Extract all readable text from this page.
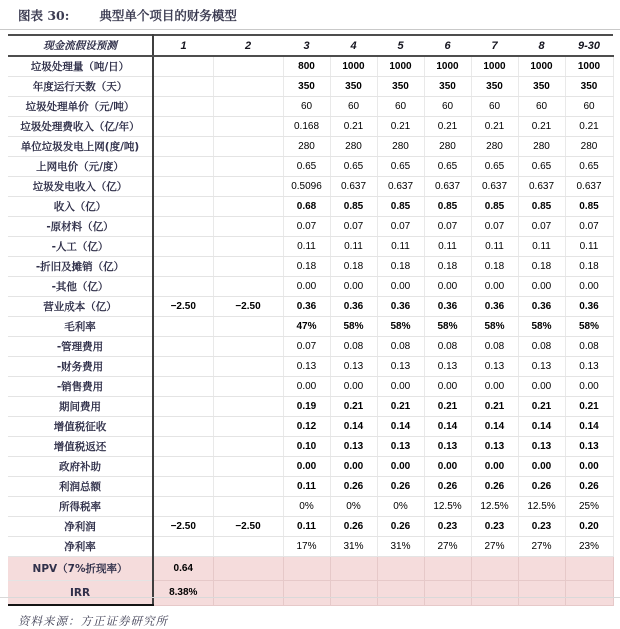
图表 30: 典型单个项目的财务模型
现金流假设预测	1	2	3	4	5	6	7	8	9-30
垃圾处理量（吨/日）			800	1000	1000	1000	1000	1000	1000
年度运行天数（天）			350	350	350	350	350	350	350
垃圾处理单价（元/吨）			60	60	60	60	60	60	60
垃圾处理费收入（亿/年）			0.168	0.21	0.21	0.21	0.21	0.21	0.21
单位垃圾发电上网(度/吨)			280	280	280	280	280	280	280
上网电价（元/度）			0.65	0.65	0.65	0.65	0.65	0.65	0.65
垃圾发电收入（亿）			0.5096	0.637	0.637	0.637	0.637	0.637	0.637
收入（亿）			0.68	0.85	0.85	0.85	0.85	0.85	0.85
-原材料（亿）			0.07	0.07	0.07	0.07	0.07	0.07	0.07
-人工（亿）			0.11	0.11	0.11	0.11	0.11	0.11	0.11
-折旧及摊销（亿）			0.18	0.18	0.18	0.18	0.18	0.18	0.18
-其他（亿）			0.00	0.00	0.00	0.00	0.00	0.00	0.00
营业成本（亿）	−2.50	−2.50	0.36	0.36	0.36	0.36	0.36	0.36	0.36
毛利率			47%	58%	58%	58%	58%	58%	58%
-管理费用			0.07	0.08	0.08	0.08	0.08	0.08	0.08
-财务费用			0.13	0.13	0.13	0.13	0.13	0.13	0.13
-销售费用			0.00	0.00	0.00	0.00	0.00	0.00	0.00
期间费用			0.19	0.21	0.21	0.21	0.21	0.21	0.21
增值税征收			0.12	0.14	0.14	0.14	0.14	0.14	0.14
增值税返还			0.10	0.13	0.13	0.13	0.13	0.13	0.13
政府补助			0.00	0.00	0.00	0.00	0.00	0.00	0.00
利润总额			0.11	0.26	0.26	0.26	0.26	0.26	0.26
所得税率			0%	0%	0%	12.5%	12.5%	12.5%	25%
净利润	−2.50	−2.50	0.11	0.26	0.26	0.23	0.23	0.23	0.20
净利率			17%	31%	31%	27%	27%	27%	23%
NPV（7%折现率）	0.64								
IRR	8.38%								
资料来源：方正证券研究所
